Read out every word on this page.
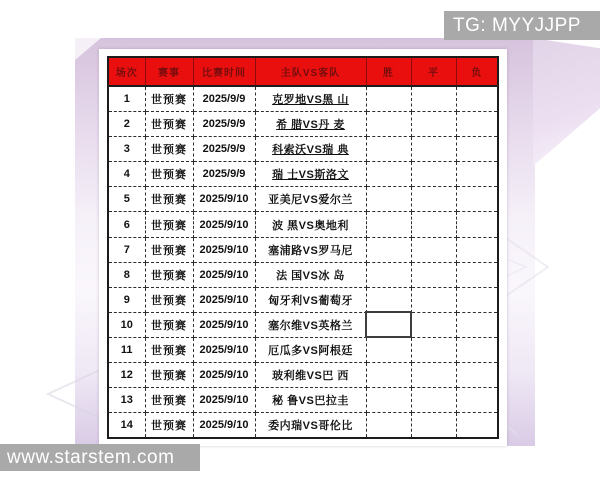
场次	赛事	比赛时间	主队VS客队	胜	平	负
1	世预赛	2025/9/9	克罗地VS黑 山			
2	世预赛	2025/9/9	希 腊VS丹 麦			
3	世预赛	2025/9/9	科索沃VS瑞 典			
4	世预赛	2025/9/9	瑞 士VS斯洛文			
5	世预赛	2025/9/10	亚美尼VS爱尔兰			
6	世预赛	2025/9/10	波 黑VS奥地利			
7	世预赛	2025/9/10	塞浦路VS罗马尼			
8	世预赛	2025/9/10	法 国VS冰 岛			
9	世预赛	2025/9/10	匈牙利VS葡萄牙			
10	世预赛	2025/9/10	塞尔维VS英格兰			
11	世预赛	2025/9/10	厄瓜多VS阿根廷			
12	世预赛	2025/9/10	玻利维VS巴 西			
13	世预赛	2025/9/10	秘 鲁VS巴拉圭			
14	世预赛	2025/9/10	委内瑞VS哥伦比			
TG: MYYJJPP
www.starstem.com
